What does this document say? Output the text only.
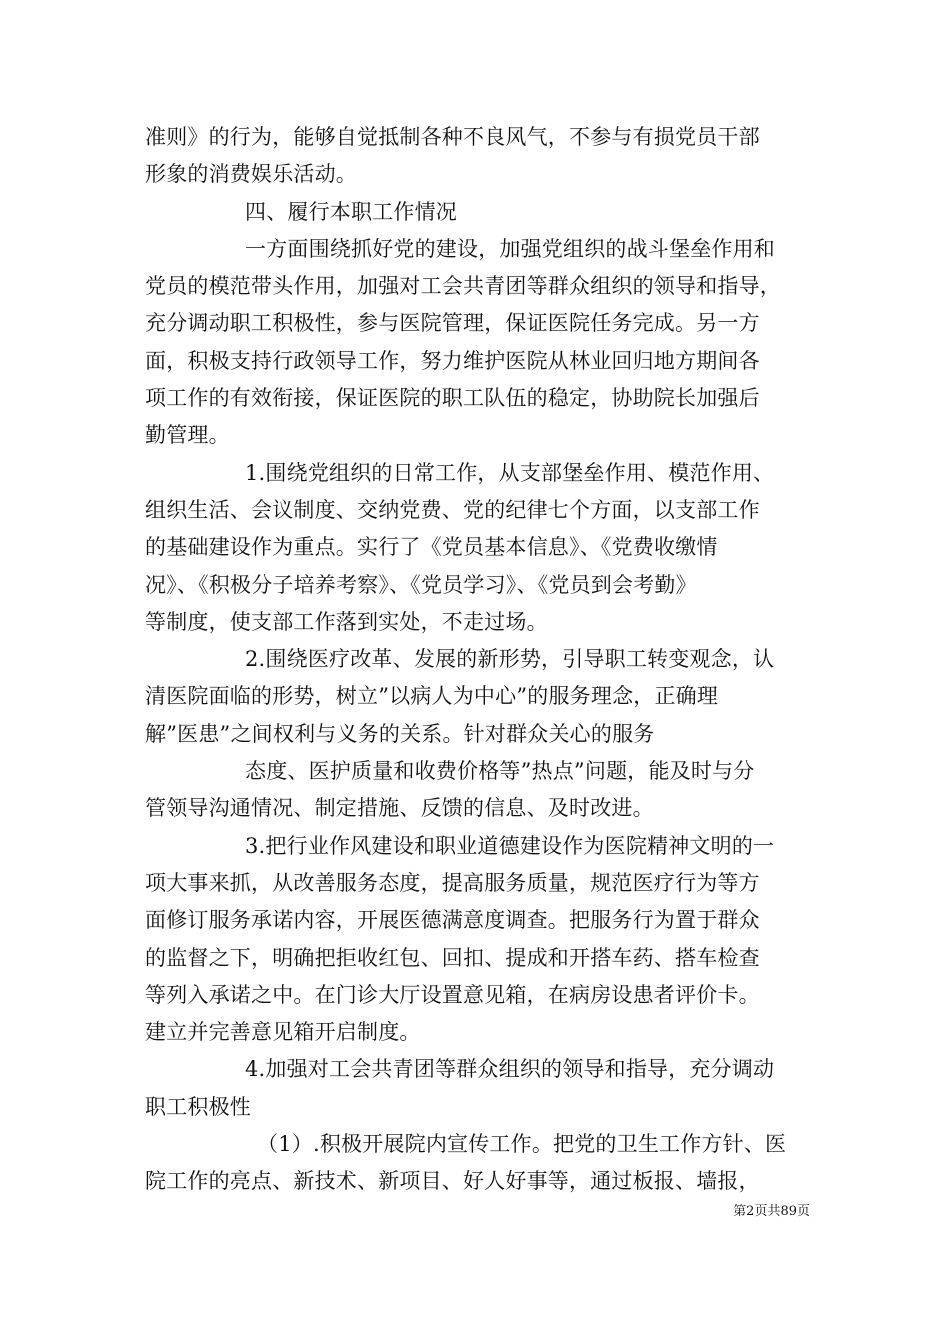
准则》的行为，能够自觉抵制各种不良风气，不参与有损党员干部
形象的消费娱乐活动。
四、履行本职工作情况
一方面围绕抓好党的建设，加强党组织的战斗堡垒作用和
党员的模范带头作用，加强对工会共青团等群众组织的领导和指导，
充分调动职工积极性，参与医院管理，保证医院任务完成。另一方
面，积极支持行政领导工作，努力维护医院从林业回归地方期间各
项工作的有效衔接，保证医院的职工队伍的稳定，协助院长加强后
勤管理。
1.围绕党组织的日常工作，从支部堡垒作用、模范作用、
组织生活、会议制度、交纳党费、党的纪律七个方面，以支部工作
的基础建设作为重点。实行了《党员基本信息》、《党费收缴情
况》、《积极分子培养考察》、《党员学习》、《党员到会考勤》
等制度，使支部工作落到实处，不走过场。
2.围绕医疗改革、发展的新形势，引导职工转变观念，认
清医院面临的形势，树立”以病人为中心”的服务理念，正确理
解”医患”之间权利与义务的关系。针对群众关心的服务
态度、医护质量和收费价格等”热点”问题，能及时与分
管领导沟通情况、制定措施、反馈的信息、及时改进。
3.把行业作风建设和职业道德建设作为医院精神文明的一
项大事来抓，从改善服务态度，提高服务质量，规范医疗行为等方
面修订服务承诺内容，开展医德满意度调查。把服务行为置于群众
的监督之下，明确把拒收红包、回扣、提成和开搭车药、搭车检查
等列入承诺之中。在门诊大厅设置意见箱，在病房设患者评价卡。
建立并完善意见箱开启制度。
4.加强对工会共青团等群众组织的领导和指导，充分调动
职工积极性
（1）.积极开展院内宣传工作。把党的卫生工作方针、医
院工作的亮点、新技术、新项目、好人好事等，通过板报、墙报，
第2页共89页
